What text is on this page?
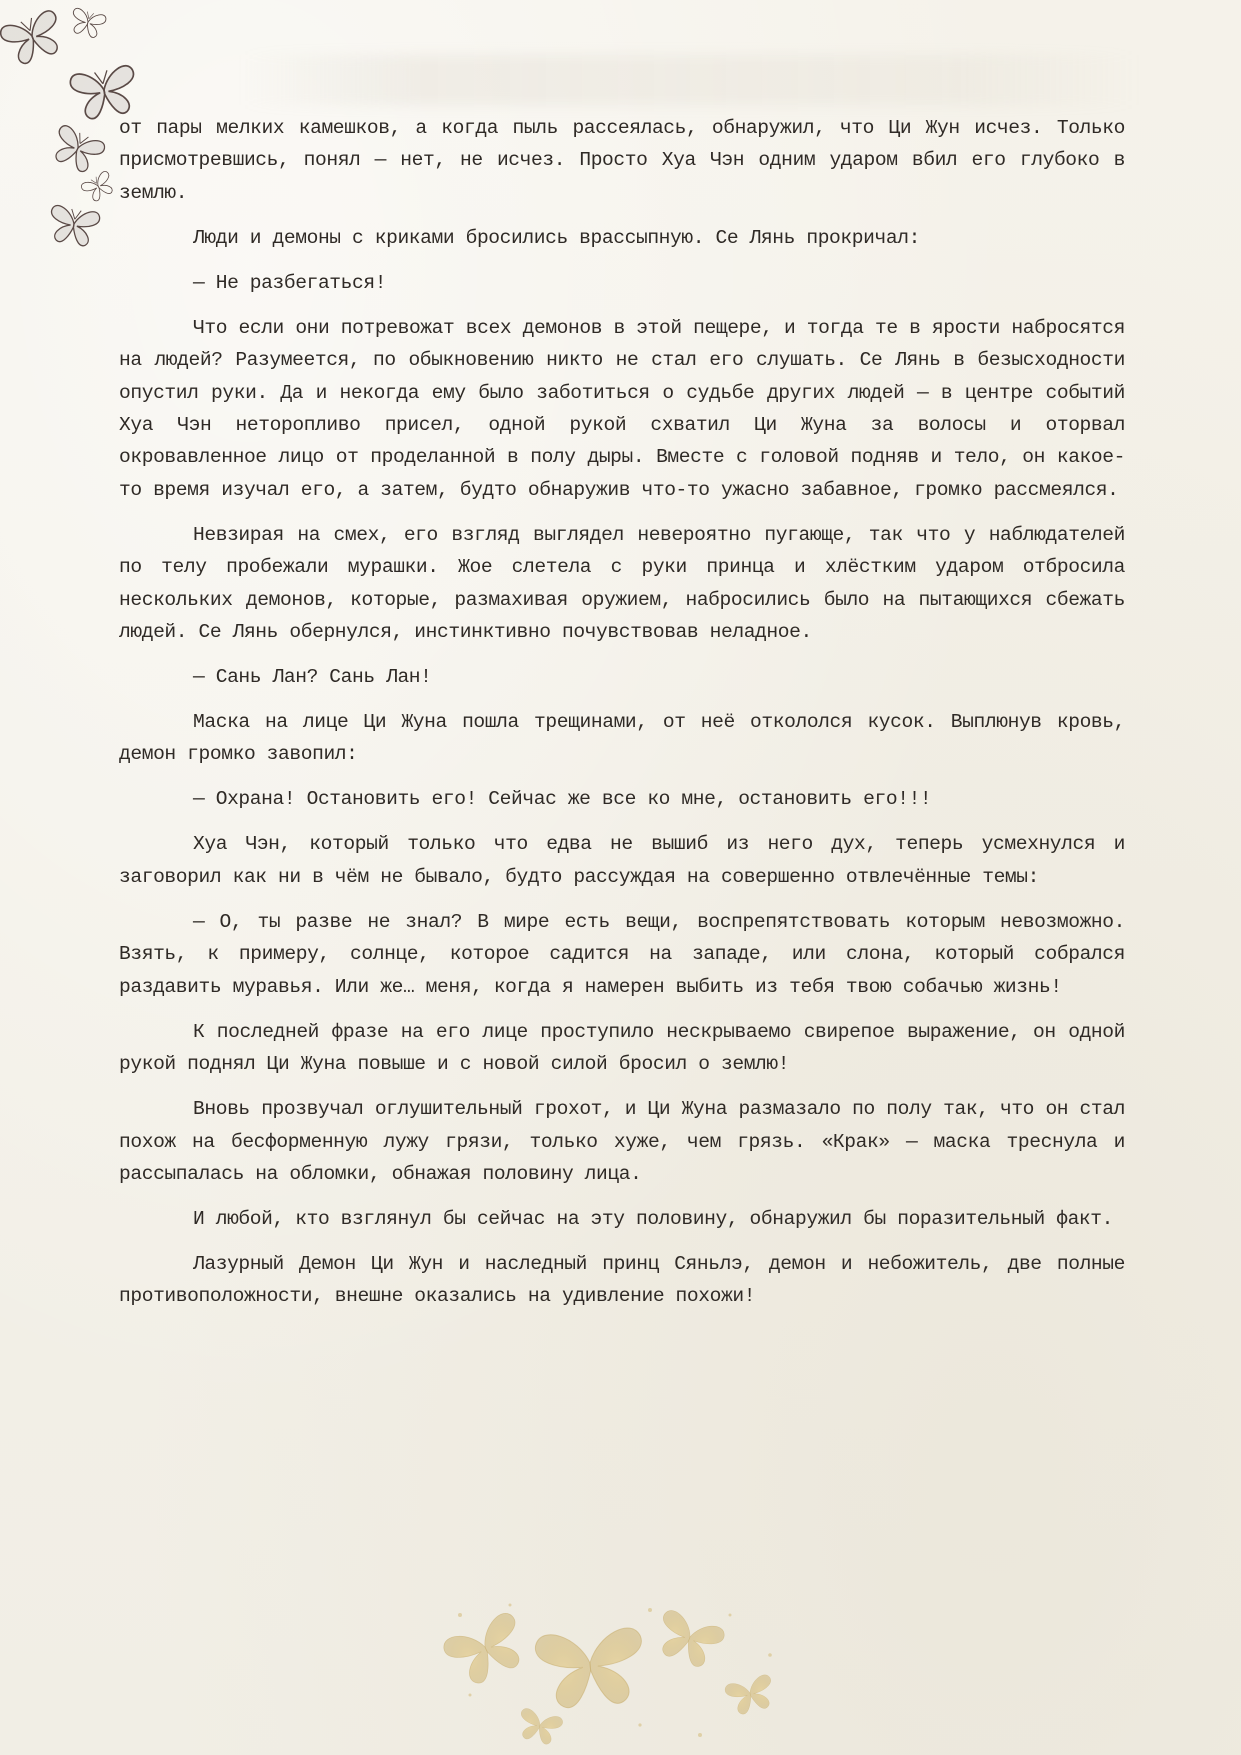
от пары мелких камешков, а когда пыль рассеялась, обнаружил, что Ци Жун исчез. Только присмотревшись, понял — нет, не исчез. Просто Хуа Чэн одним ударом вбил его глубоко в землю.

Люди и демоны с криками бросились врассыпную. Се Лянь прокричал:

— Не разбегаться!

Что если они потревожат всех демонов в этой пещере, и тогда те в ярости набросятся на людей? Разумеется, по обыкновению никто не стал его слушать. Се Лянь в безысходности опустил руки. Да и некогда ему было заботиться о судьбе других людей — в центре событий Хуа Чэн неторопливо присел, одной рукой схватил Ци Жуна за волосы и оторвал окровавленное лицо от проделанной в полу дыры. Вместе с головой подняв и тело, он какое-то время изучал его, а затем, будто обнаружив что-то ужасно забавное, громко рассмеялся.

Невзирая на смех, его взгляд выглядел невероятно пугающе, так что у наблюдателей по телу пробежали мурашки. Жое слетела с руки принца и хлёстким ударом отбросила нескольких демонов, которые, размахивая оружием, набросились было на пытающихся сбежать людей. Се Лянь обернулся, инстинктивно почувствовав неладное.

— Сань Лан? Сань Лан!

Маска на лице Ци Жуна пошла трещинами, от неё откололся кусок. Выплюнув кровь, демон громко завопил:

— Охрана! Остановить его! Сейчас же все ко мне, остановить его!!!

Хуа Чэн, который только что едва не вышиб из него дух, теперь усмехнулся и заговорил как ни в чём не бывало, будто рассуждая на совершенно отвлечённые темы:

— О, ты разве не знал? В мире есть вещи, воспрепятствовать которым невозможно. Взять, к примеру, солнце, которое садится на западе, или слона, который собрался раздавить муравья. Или же… меня, когда я намерен выбить из тебя твою собачью жизнь!

К последней фразе на его лице проступило нескрываемо свирепое выражение, он одной рукой поднял Ци Жуна повыше и с новой силой бросил о землю!

Вновь прозвучал оглушительный грохот, и Ци Жуна размазало по полу так, что он стал похож на бесформенную лужу грязи, только хуже, чем грязь. «Крак» — маска треснула и рассыпалась на обломки, обнажая половину лица.

И любой, кто взглянул бы сейчас на эту половину, обнаружил бы поразительный факт.

Лазурный Демон Ци Жун и наследный принц Сяньлэ, демон и небожитель, две полные противоположности, внешне оказались на удивление похожи!
